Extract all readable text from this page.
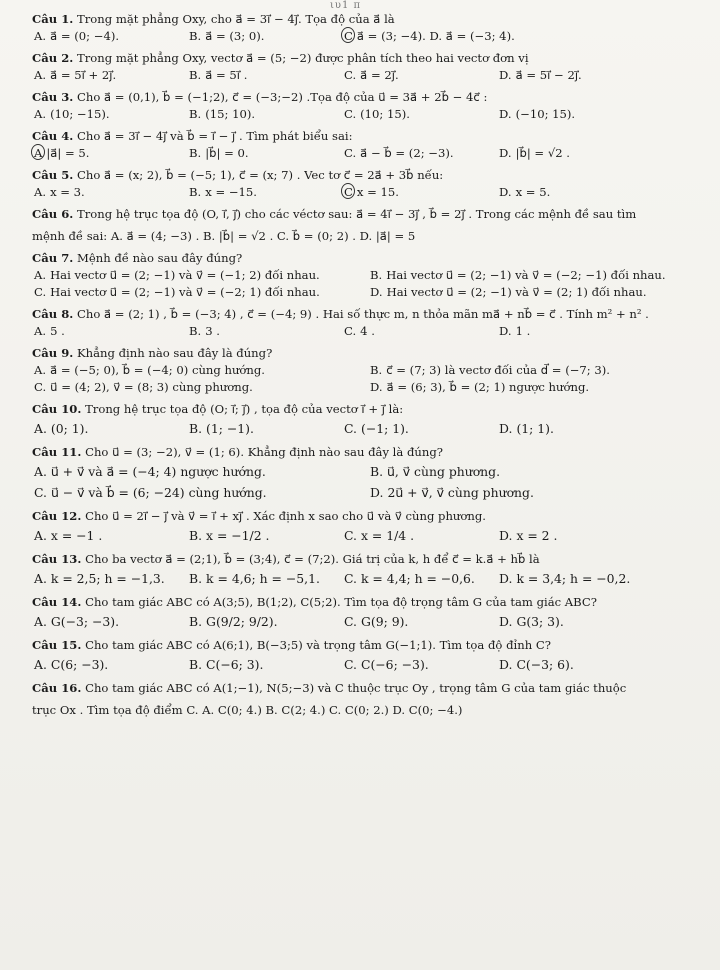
ιυ1 π
Câu 1. Trong mặt phẳng Oxy, cho a⃗ = 3i⃗ − 4j⃗. Tọa độ của a⃗ là
A. a⃗ = (0; −4).	B. a⃗ = (3; 0).	C a⃗ = (3; −4). D. a⃗ = (−3; 4).
Câu 2. Trong mặt phẳng Oxy, vectơ a⃗ = (5; −2) được phân tích theo hai vectơ đơn vị
A. a⃗ = 5i⃗ + 2j⃗.	B. a⃗ = 5i⃗ .	C. a⃗ = 2j⃗.	D. a⃗ = 5i⃗ − 2j⃗.
Câu 3. Cho a⃗ = (0,1), b⃗ = (−1;2), c⃗ = (−3;−2) .Tọa độ của u⃗ = 3a⃗ + 2b⃗ − 4c⃗ :
A. (10; −15).	B. (15; 10).	C. (10; 15).	D. (−10; 15).
Câu 4. Cho a⃗ = 3i⃗ − 4j⃗ và b⃗ = i⃗ − j⃗ . Tìm phát biểu sai:
A |a⃗| = 5.	B. |b⃗| = 0.	C. a⃗ − b⃗ = (2; −3).	D. |b⃗| = √2 .
Câu 5. Cho a⃗ = (x; 2), b⃗ = (−5; 1), c⃗ = (x; 7) . Vec tơ c⃗ = 2a⃗ + 3b⃗ nếu:
A. x = 3.	B. x = −15.	C x = 15.	D. x = 5.
Câu 6. Trong hệ trục tọa độ (O, i⃗, j⃗) cho các véctơ sau: a⃗ = 4i⃗ − 3j⃗ , b⃗ = 2j⃗ . Trong các mệnh đề sau tìm
mệnh đề sai: A. a⃗ = (4; −3) . B. |b⃗| = √2 . C. b⃗ = (0; 2) . D. |a⃗| = 5
Câu 7. Mệnh đề nào sau đây đúng?
A. Hai vectơ u⃗ = (2; −1) và v⃗ = (−1; 2) đối nhau.	B. Hai vectơ u⃗ = (2; −1) và v⃗ = (−2; −1) đối nhau.
C. Hai vectơ u⃗ = (2; −1) và v⃗ = (−2; 1) đối nhau.	D. Hai vectơ u⃗ = (2; −1) và v⃗ = (2; 1) đối nhau.
Câu 8. Cho a⃗ = (2; 1) , b⃗ = (−3; 4) , c⃗ = (−4; 9) . Hai số thực m, n thỏa mãn ma⃗ + nb⃗ = c⃗ . Tính m² + n² .
A. 5 .	B. 3 .	C. 4 .	D. 1 .
Câu 9. Khẳng định nào sau đây là đúng?
A. a⃗ = (−5; 0), b⃗ = (−4; 0) cùng hướng.	B. c⃗ = (7; 3) là vectơ đối của d⃗ = (−7; 3).
C. u⃗ = (4; 2), v⃗ = (8; 3) cùng phương.	D. a⃗ = (6; 3), b⃗ = (2; 1) ngược hướng.
Câu 10. Trong hệ trục tọa độ (O; i⃗; j⃗) , tọa độ của vectơ i⃗ + j⃗ là:
A. (0; 1).	B. (1; −1).	C. (−1; 1).	D. (1; 1).
Câu 11. Cho u⃗ = (3; −2), v⃗ = (1; 6). Khẳng định nào sau đây là đúng?
A. u⃗ + v⃗ và a⃗ = (−4; 4) ngược hướng.	B. u⃗, v⃗ cùng phương.
C. u⃗ − v⃗ và b⃗ = (6; −24) cùng hướng.	D. 2u⃗ + v⃗, v⃗ cùng phương.
Câu 12. Cho u⃗ = 2i⃗ − j⃗ và v⃗ = i⃗ + xj⃗ . Xác định x sao cho u⃗ và v⃗ cùng phương.
A. x = −1 .	B. x = −1/2 .	C. x = 1/4 .	D. x = 2 .
Câu 13. Cho ba vectơ a⃗ = (2;1), b⃗ = (3;4), c⃗ = (7;2). Giá trị của k, h để c⃗ = k.a⃗ + hb⃗ là
A. k = 2,5; h = −1,3.	B. k = 4,6; h = −5,1.	C. k = 4,4; h = −0,6.	D. k = 3,4; h = −0,2.
Câu 14. Cho tam giác ABC có A(3;5), B(1;2), C(5;2). Tìm tọa độ trọng tâm G của tam giác ABC?
A. G(−3; −3).	B. G(9/2; 9/2).	C. G(9; 9).	D. G(3; 3).
Câu 15. Cho tam giác ABC có A(6;1), B(−3;5) và trọng tâm G(−1;1). Tìm tọa độ đỉnh C?
A. C(6; −3).	B. C(−6; 3).	C. C(−6; −3).	D. C(−3; 6).
Câu 16. Cho tam giác ABC có A(1;−1), N(5;−3) và C thuộc trục Oy , trọng tâm G của tam giác thuộc
trục Ox . Tìm tọa độ điểm C. A. C(0; 4.) B. C(2; 4.) C. C(0; 2.) D. C(0; −4.)
